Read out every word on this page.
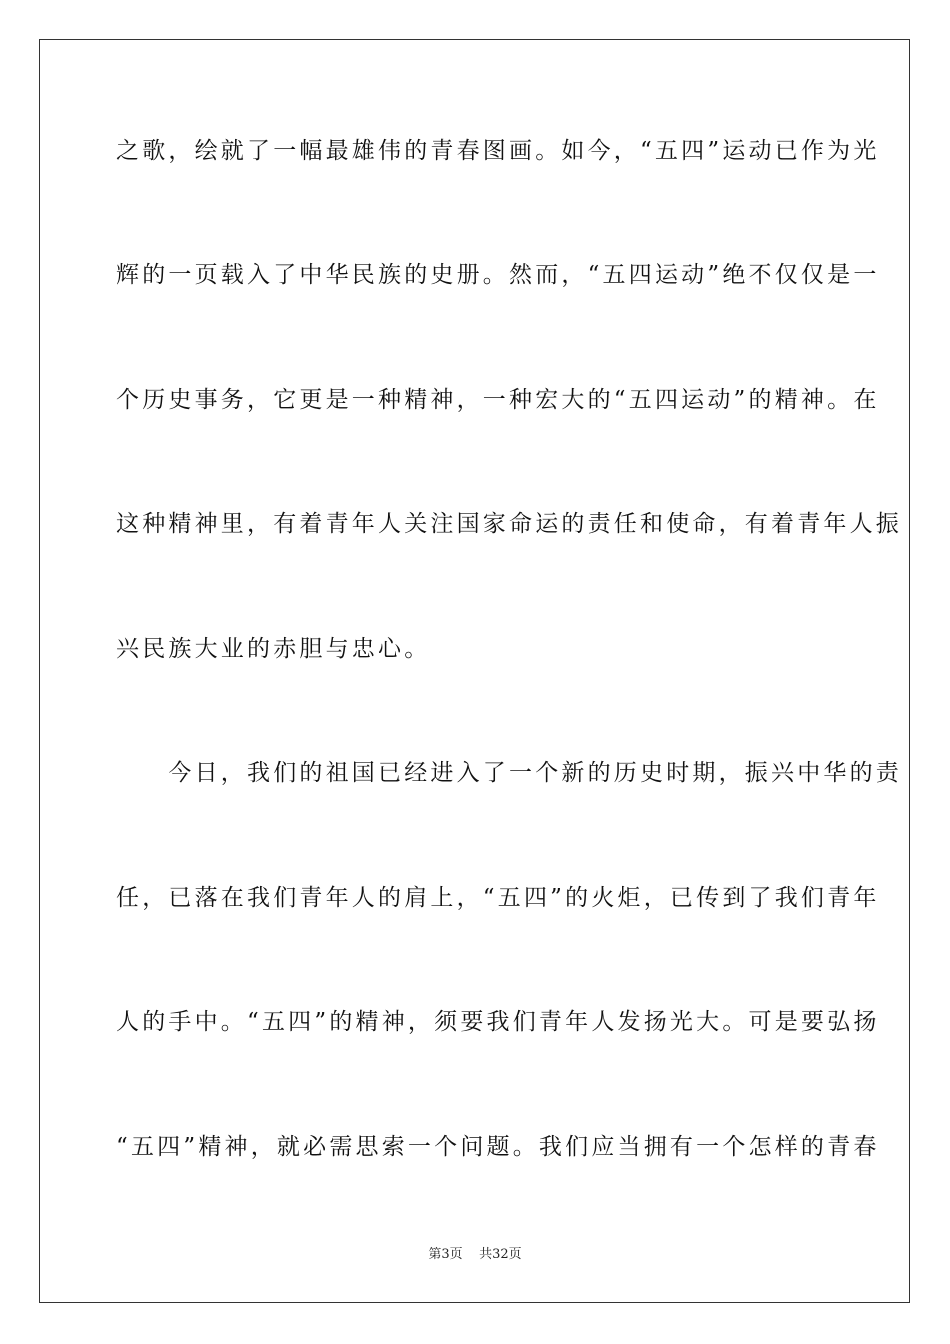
之歌，绘就了一幅最雄伟的青春图画。如今，“五四”运动已作为光
辉的一页载入了中华民族的史册。然而，“五四运动”绝不仅仅是一
个历史事务，它更是一种精神，一种宏大的“五四运动”的精神。在
这种精神里，有着青年人关注国家命运的责任和使命，有着青年人振
兴民族大业的赤胆与忠心。
　　今日，我们的祖国已经进入了一个新的历史时期，振兴中华的责
任，已落在我们青年人的肩上，“五四”的火炬，已传到了我们青年
人的手中。“五四”的精神，须要我们青年人发扬光大。可是要弘扬
“五四”精神，就必需思索一个问题。我们应当拥有一个怎样的青春
第3页 共32页
